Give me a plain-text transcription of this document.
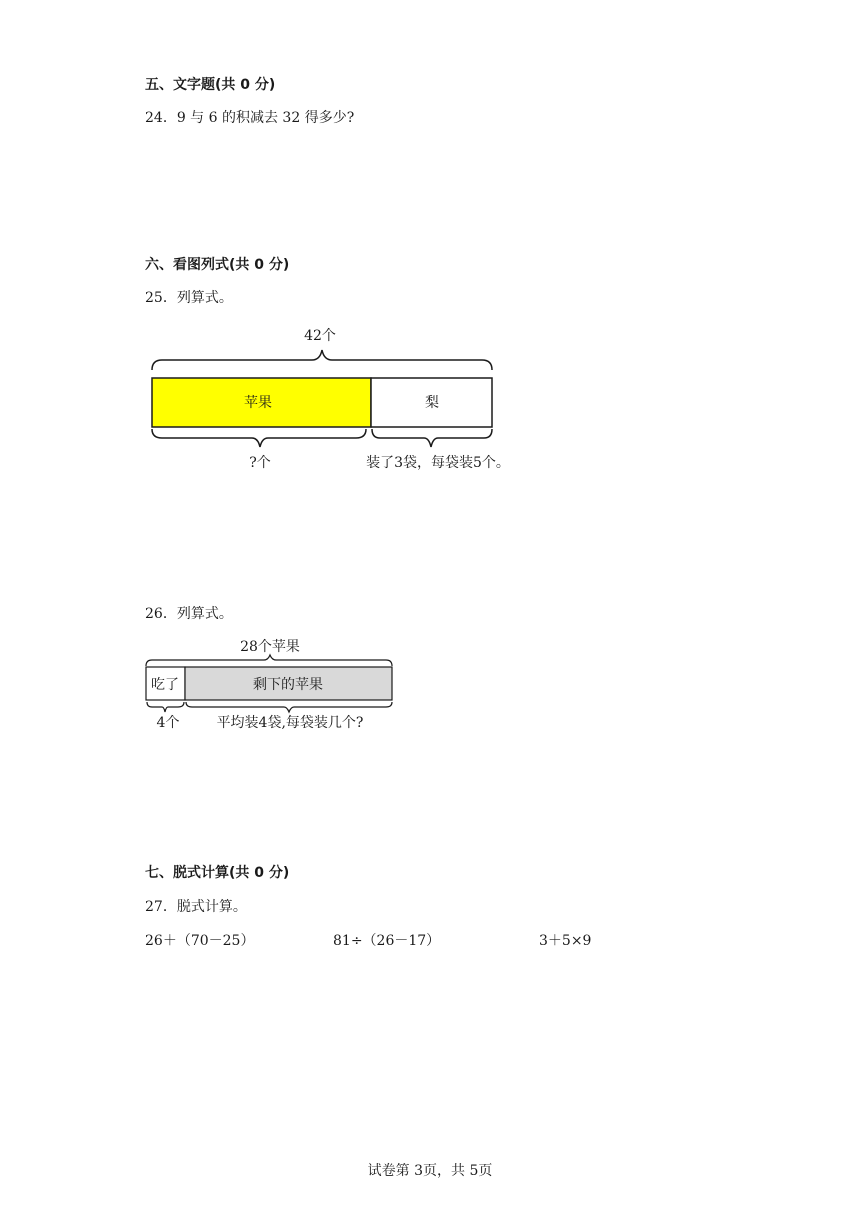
五、文字题(共 0 分)
24．9 与 6 的积减去 32 得多少?
六、看图列式(共 0 分)
25．列算式。
42个
苹果	梨
?个	装了3袋，每袋装5个。
26．列算式。
28个苹果
吃了	剩下的苹果
4个	平均装4袋,每袋装几个?
七、脱式计算(共 0 分)
27．脱式计算。
26＋（70－25）	81÷（26－17）	3＋5×9
试卷第 3页，共 5页
